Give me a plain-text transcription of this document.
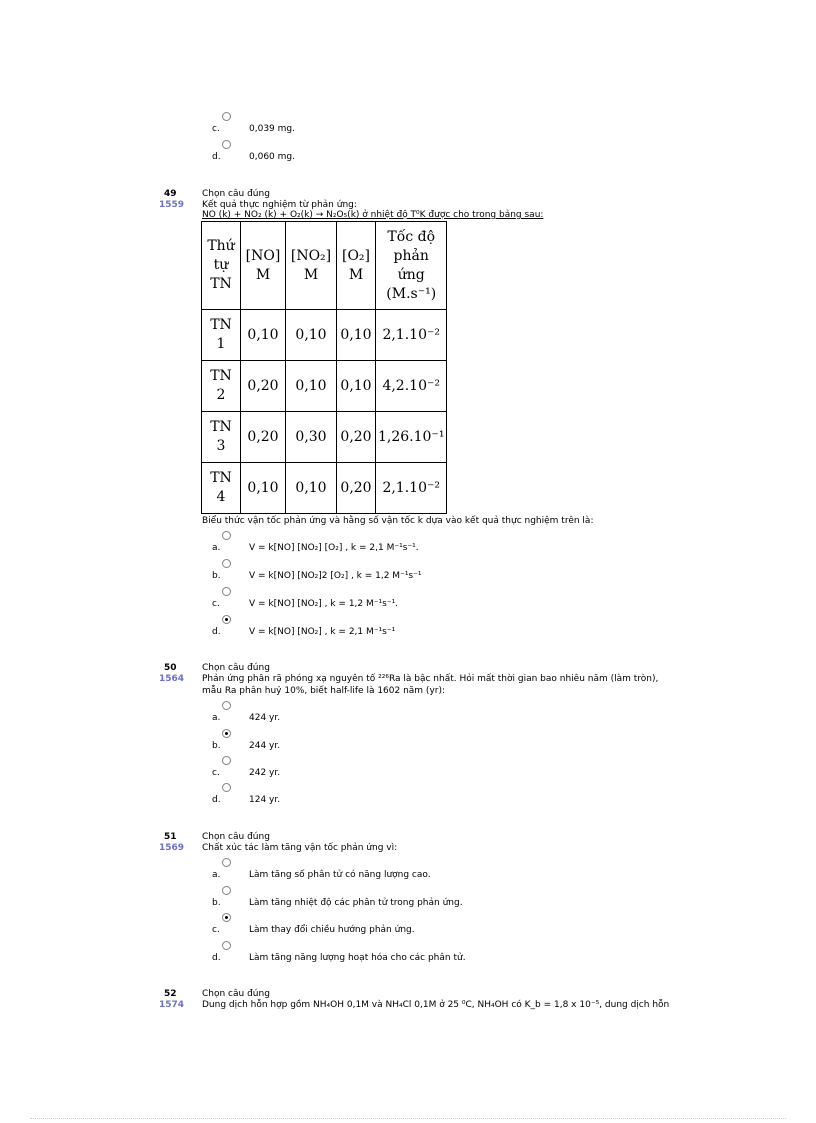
c.	0,039 mg.
d.	0,060 mg.
49
1559
Chọn câu đúng
Kết quả thực nghiệm từ phản ứng:
NO (k) + NO₂ (k) + O₂(k) → N₂O₅(k) ở nhiệt độ T⁰K được cho trong bảng sau:
Thứ tự TN	[NO] M	[NO₂] M	[O₂] M	Tốc độ phản ứng (M.s⁻¹)
TN 1	0,10	0,10	0,10	2,1.10⁻²
TN 2	0,20	0,10	0,10	4,2.10⁻²
TN 3	0,20	0,30	0,20	1,26.10⁻¹
TN 4	0,10	0,10	0,20	2,1.10⁻²
Biểu thức vận tốc phản ứng và hằng số vận tốc k dựa vào kết quả thực nghiệm trên là:
a.	V = k[NO] [NO₂] [O₂] , k = 2,1 M⁻¹s⁻¹.
b.	V = k[NO] [NO₂]2 [O₂] , k = 1,2 M⁻¹s⁻¹
c.	V = k[NO] [NO₂] , k = 1,2 M⁻¹s⁻¹.
d.	V = k[NO] [NO₂] , k = 2,1 M⁻¹s⁻¹
50
1564
Chọn câu đúng
Phản ứng phân rã phóng xạ nguyên tố ²²⁶Ra là bậc nhất. Hỏi mất thời gian bao nhiêu năm (làm tròn),
mẫu Ra phân huỷ 10%, biết half-life là 1602 năm (yr):
a.	424 yr.
b.	244 yr.
c.	242 yr.
d.	124 yr.
51
1569
Chọn câu đúng
Chất xúc tác làm tăng vận tốc phản ứng vì:
a.	Làm tăng số phân tử có năng lượng cao.
b.	Làm tăng nhiệt độ các phân tử trong phản ứng.
c.	Làm thay đổi chiều hướng phản ứng.
d.	Làm tăng năng lượng hoạt hóa cho các phân tử.
52
1574
Chọn câu đúng
Dung dịch hỗn hợp gồm NH₄OH 0,1M và NH₄Cl 0,1M ở 25 ⁰C, NH₄OH có K_b = 1,8 x 10⁻⁵, dung dịch hỗn
